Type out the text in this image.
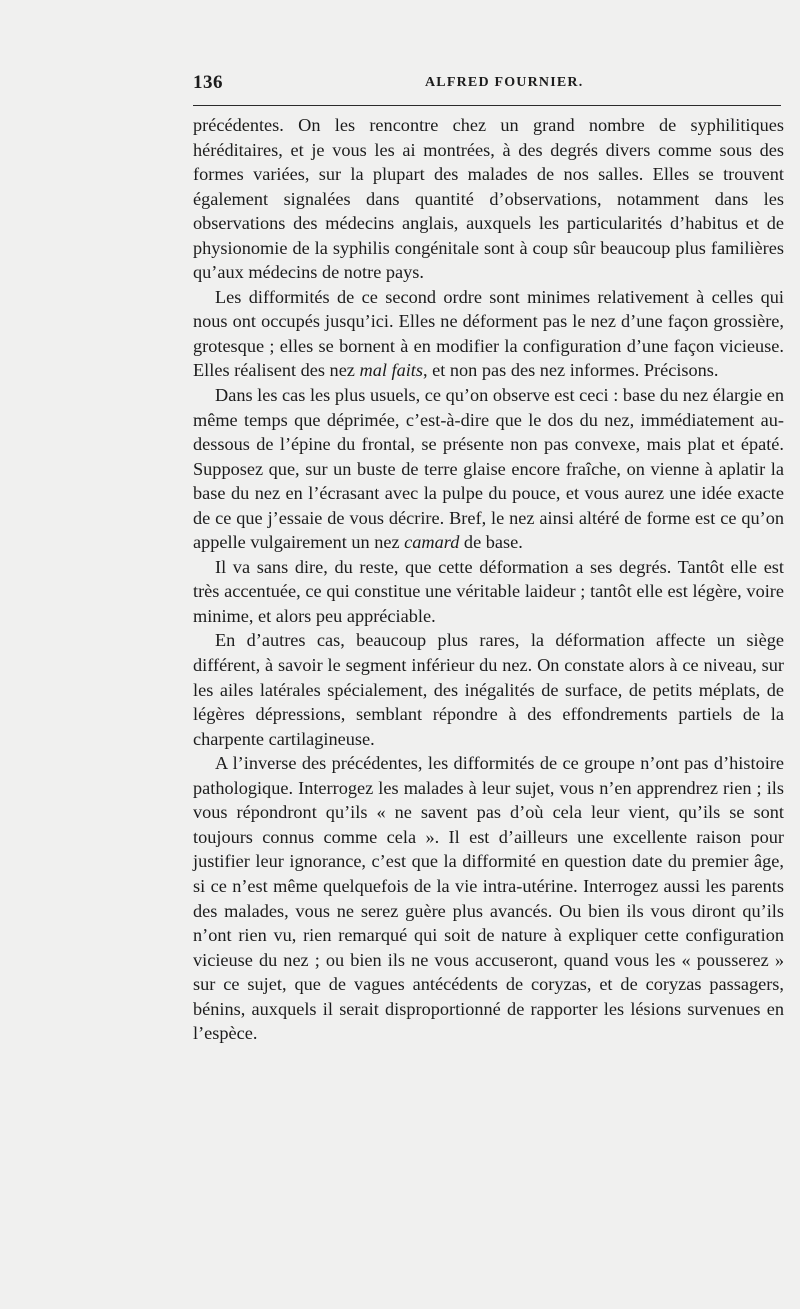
136	ALFRED FOURNIER.

précédentes. On les rencontre chez un grand nombre de syphilitiques héréditaires, et je vous les ai montrées, à des degrés divers comme sous des formes variées, sur la plupart des malades de nos salles. Elles se trouvent également signalées dans quantité d’observations, notamment dans les observations des médecins anglais, auxquels les particularités d’habitus et de physionomie de la syphilis congénitale sont à coup sûr beaucoup plus familières qu’aux médecins de notre pays.

Les difformités de ce second ordre sont minimes relativement à celles qui nous ont occupés jusqu’ici. Elles ne déforment pas le nez d’une façon grossière, grotesque ; elles se bornent à en modifier la configuration d’une façon vicieuse. Elles réalisent des nez mal faits, et non pas des nez informes. Précisons.

Dans les cas les plus usuels, ce qu’on observe est ceci : base du nez élargie en même temps que déprimée, c’est-à-dire que le dos du nez, immédiatement au-dessous de l’épine du frontal, se présente non pas convexe, mais plat et épaté. Supposez que, sur un buste de terre glaise encore fraîche, on vienne à aplatir la base du nez en l’écrasant avec la pulpe du pouce, et vous aurez une idée exacte de ce que j’essaie de vous décrire. Bref, le nez ainsi altéré de forme est ce qu’on appelle vulgairement un nez camard de base.

Il va sans dire, du reste, que cette déformation a ses degrés. Tantôt elle est très accentuée, ce qui constitue une véritable laideur ; tantôt elle est légère, voire minime, et alors peu appréciable.

En d’autres cas, beaucoup plus rares, la déformation affecte un siège différent, à savoir le segment inférieur du nez. On constate alors à ce niveau, sur les ailes latérales spécialement, des inégalités de surface, de petits méplats, de légères dépressions, semblant répondre à des effondrements partiels de la charpente cartilagineuse.

A l’inverse des précédentes, les difformités de ce groupe n’ont pas d’histoire pathologique. Interrogez les malades à leur sujet, vous n’en apprendrez rien ; ils vous répondront qu’ils « ne savent pas d’où cela leur vient, qu’ils se sont toujours connus comme cela ». Il est d’ailleurs une excellente raison pour justifier leur ignorance, c’est que la difformité en question date du premier âge, si ce n’est même quelquefois de la vie intra-utérine. Interrogez aussi les parents des malades, vous ne serez guère plus avancés. Ou bien ils vous diront qu’ils n’ont rien vu, rien remarqué qui soit de nature à expliquer cette configuration vicieuse du nez ; ou bien ils ne vous accuseront, quand vous les « pousserez » sur ce sujet, que de vagues antécédents de coryzas, et de coryzas passagers, bénins, auxquels il serait disproportionné de rapporter les lésions survenues en l’espèce.
